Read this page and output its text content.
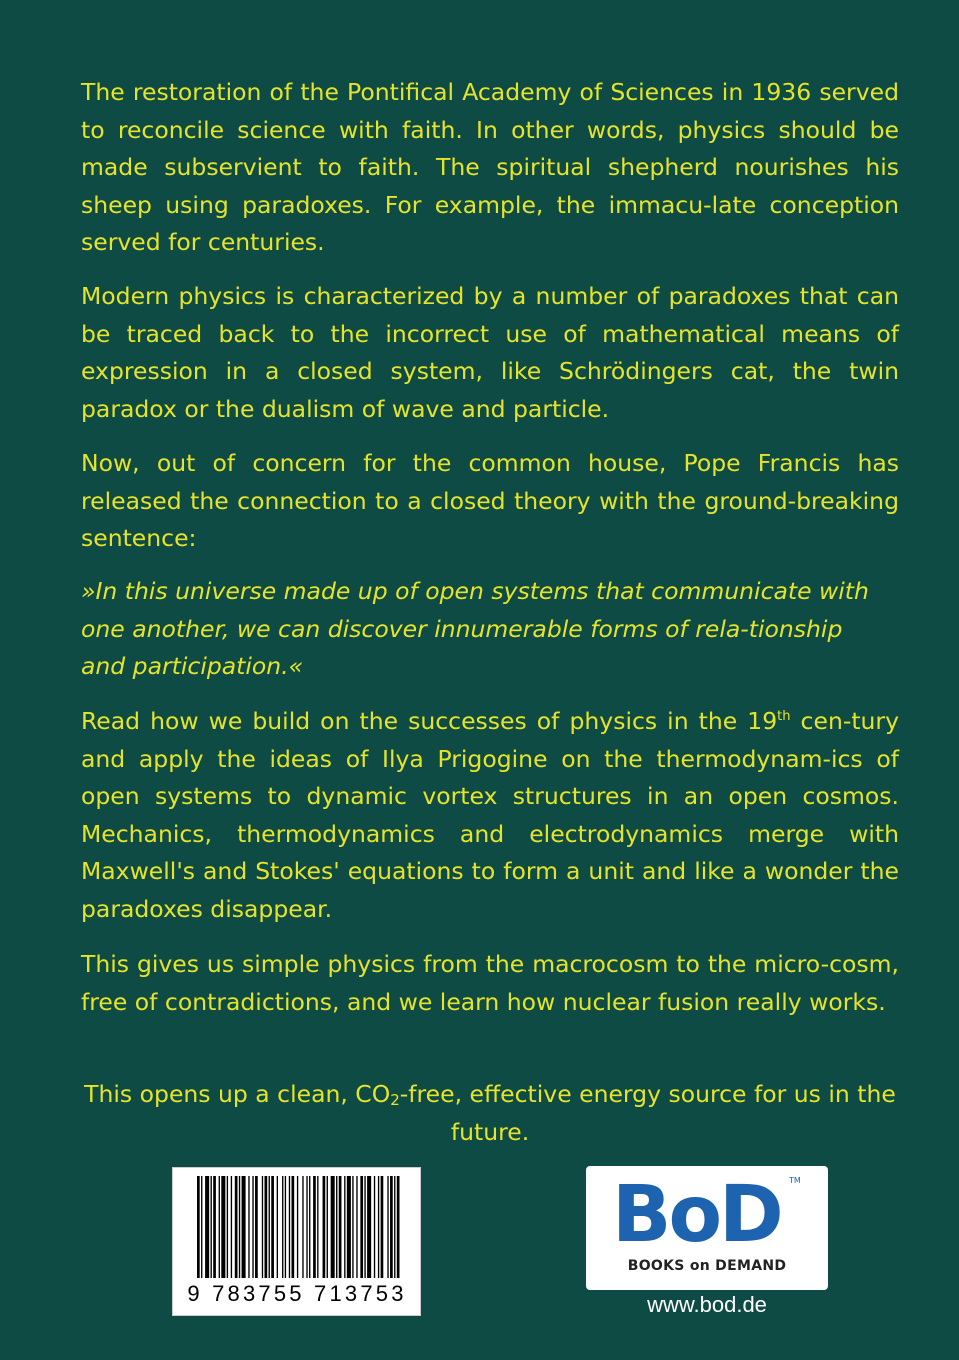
The restoration of the Pontifical Academy of Sciences in 1936 served to reconcile science with faith. In other words, physics should be made subservient to faith. The spiritual shepherd nourishes his sheep using paradoxes. For example, the immacu-late conception served for centuries.

Modern physics is characterized by a number of paradoxes that can be traced back to the incorrect use of mathematical means of expression in a closed system, like Schrödingers cat, the twin paradox or the dualism of wave and particle.

Now, out of concern for the common house, Pope Francis has released the connection to a closed theory with the ground-breaking sentence:

»In this universe made up of open systems that communicate with one another, we can discover innumerable forms of rela-tionship and participation.«

Read how we build on the successes of physics in the 19th cen-tury and apply the ideas of Ilya Prigogine on the thermodynam-ics of open systems to dynamic vortex structures in an open cosmos. Mechanics, thermodynamics and electrodynamics merge with Maxwell's and Stokes' equations to form a unit and like a wonder the paradoxes disappear.

This gives us simple physics from the macrocosm to the micro-cosm, free of contradictions, and we learn how nuclear fusion really works.

This opens up a clean, $CO_2$-free, effective energy source for us in the future.

9 783755 713753
BoD TM
BOOKS on DEMAND
www.bod.de
